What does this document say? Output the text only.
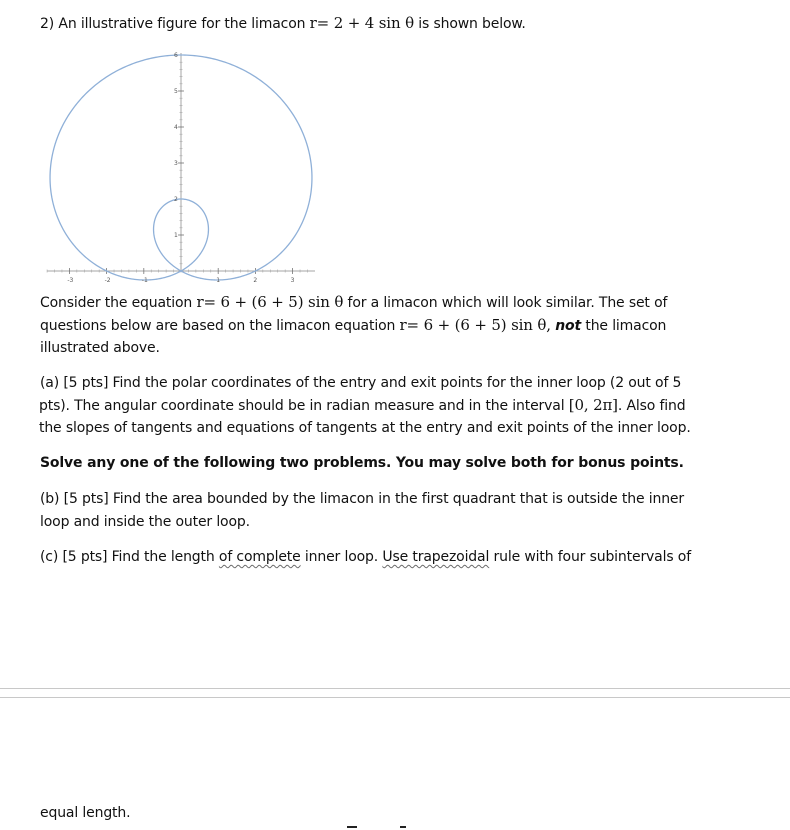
2) An illustrative figure for the limacon r= 2 + 4 sin θ is shown below.
-3	-2	-1	1	2	3
1
2
3
4
5
6
Consider the equation r= 6 + (6 + 5) sin θ for a limacon which will look similar. The set of
questions below are based on the limacon equation r= 6 + (6 + 5) sin θ, not the limacon
illustrated above.
(a) [5 pts] Find the polar coordinates of the entry and exit points for the inner loop (2 out of 5
pts). The angular coordinate should be in radian measure and in the interval [0, 2π]. Also find
the slopes of tangents and equations of tangents at the entry and exit points of the inner loop.
Solve any one of the following two problems. You may solve both for bonus points.
(b) [5 pts] Find the area bounded by the limacon in the first quadrant that is outside the inner
loop and inside the outer loop.
(c) [5 pts] Find the length of complete inner loop. Use trapezoidal rule with four subintervals of
equal length.
